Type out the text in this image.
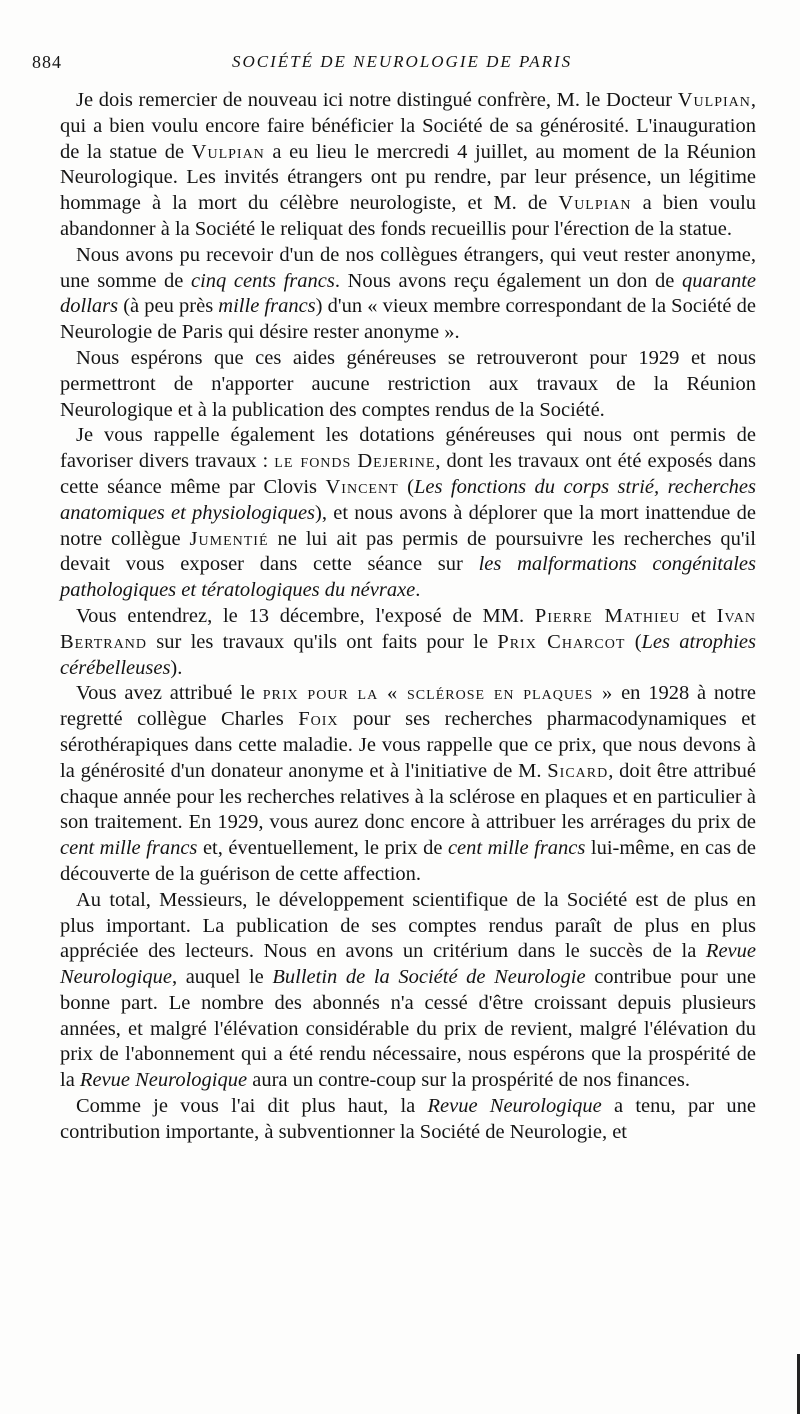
884	SOCIÉTÉ DE NEUROLOGIE DE PARIS

Je dois remercier de nouveau ici notre distingué confrère, M. le Docteur Vulpian, qui a bien voulu encore faire bénéficier la Société de sa générosité. L'inauguration de la statue de Vulpian a eu lieu le mercredi 4 juillet, au moment de la Réunion Neurologique. Les invités étrangers ont pu rendre, par leur présence, un légitime hommage à la mort du célèbre neurologiste, et M. de Vulpian a bien voulu abandonner à la Société le reliquat des fonds recueillis pour l'érection de la statue.

Nous avons pu recevoir d'un de nos collègues étrangers, qui veut rester anonyme, une somme de cinq cents francs. Nous avons reçu également un don de quarante dollars (à peu près mille francs) d'un « vieux membre correspondant de la Société de Neurologie de Paris qui désire rester anonyme ».

Nous espérons que ces aides généreuses se retrouveront pour 1929 et nous permettront de n'apporter aucune restriction aux travaux de la Réunion Neurologique et à la publication des comptes rendus de la Société.

Je vous rappelle également les dotations généreuses qui nous ont permis de favoriser divers travaux : le fonds Dejerine, dont les travaux ont été exposés dans cette séance même par Clovis Vincent (Les fonctions du corps strié, recherches anatomiques et physiologiques), et nous avons à déplorer que la mort inattendue de notre collègue Jumentié ne lui ait pas permis de poursuivre les recherches qu'il devait vous exposer dans cette séance sur les malformations congénitales pathologiques et tératologiques du névraxe.

Vous entendrez, le 13 décembre, l'exposé de MM. Pierre Mathieu et Ivan Bertrand sur les travaux qu'ils ont faits pour le Prix Charcot (Les atrophies cérébelleuses).

Vous avez attribué le prix pour la « sclérose en plaques » en 1928 à notre regretté collègue Charles Foix pour ses recherches pharmacodynamiques et sérothérapiques dans cette maladie. Je vous rappelle que ce prix, que nous devons à la générosité d'un donateur anonyme et à l'initiative de M. Sicard, doit être attribué chaque année pour les recherches relatives à la sclérose en plaques et en particulier à son traitement. En 1929, vous aurez donc encore à attribuer les arrérages du prix de cent mille francs et, éventuellement, le prix de cent mille francs lui-même, en cas de découverte de la guérison de cette affection.

Au total, Messieurs, le développement scientifique de la Société est de plus en plus important. La publication de ses comptes rendus paraît de plus en plus appréciée des lecteurs. Nous en avons un critérium dans le succès de la Revue Neurologique, auquel le Bulletin de la Société de Neurologie contribue pour une bonne part. Le nombre des abonnés n'a cessé d'être croissant depuis plusieurs années, et malgré l'élévation considérable du prix de revient, malgré l'élévation du prix de l'abonnement qui a été rendu nécessaire, nous espérons que la prospérité de la Revue Neurologique aura un contre-coup sur la prospérité de nos finances.

Comme je vous l'ai dit plus haut, la Revue Neurologique a tenu, par une contribution importante, à subventionner la Société de Neurologie, et
